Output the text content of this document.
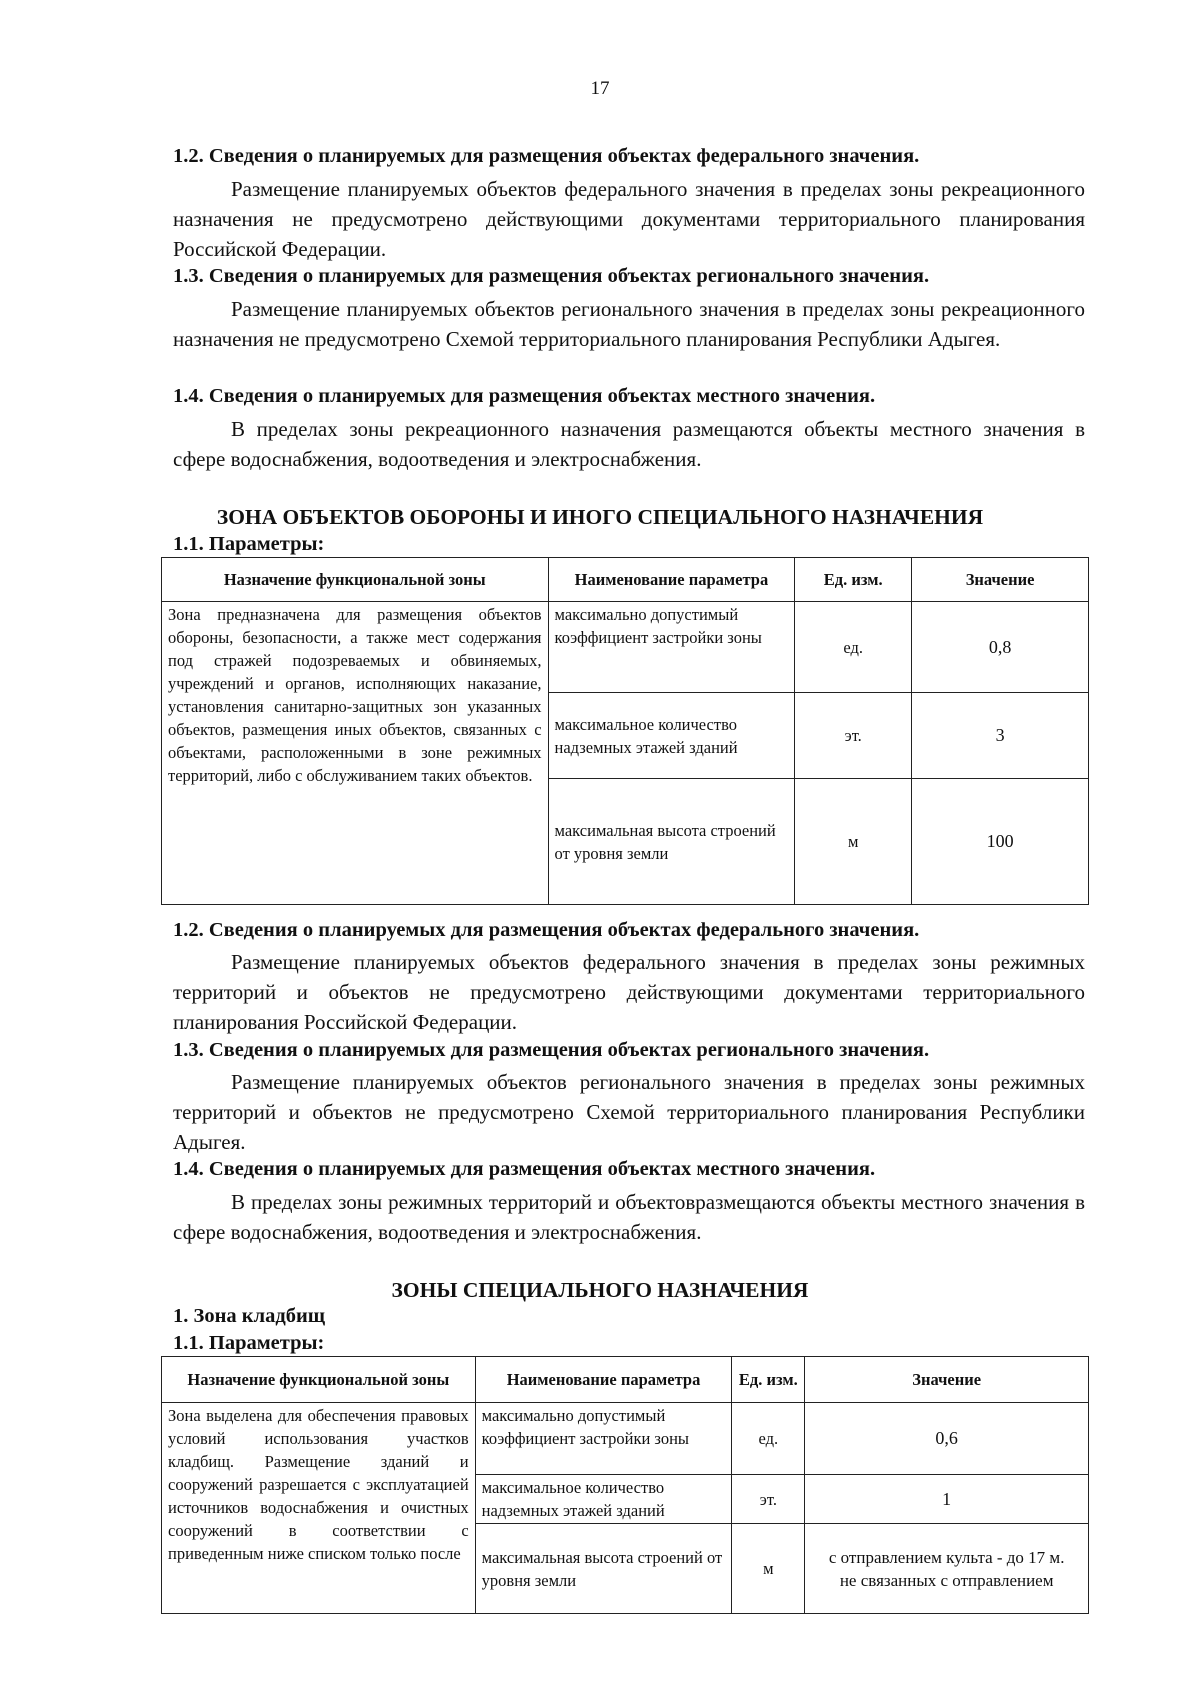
17
1.2. Сведения о планируемых для размещения объектах федерального значения.
Размещение планируемых объектов федерального значения в пределах зоны рекреационного назначения не предусмотрено действующими документами территориального планирования Российской Федерации.
1.3. Сведения о планируемых для размещения объектах регионального значения.
Размещение планируемых объектов регионального значения в пределах зоны рекреационного назначения не предусмотрено Схемой территориального планирования Республики Адыгея.
1.4. Сведения о планируемых для размещения объектах местного значения.
В пределах зоны рекреационного назначения размещаются объекты местного значения в сфере водоснабжения, водоотведения и электроснабжения.
ЗОНА ОБЪЕКТОВ ОБОРОНЫ И ИНОГО СПЕЦИАЛЬНОГО НАЗНАЧЕНИЯ
1.1. Параметры:
Назначение функциональной зоны	Наименование параметра	Ед. изм.	Значение
Зона предназначена для размещения объектов обороны, безопасности, а также мест содержания под стражей подозреваемых и обвиняемых, учреждений и органов, исполняющих наказание, установления санитарно-защитных зон указанных объектов, размещения иных объектов, связанных с объектами, расположенными в зоне режимных территорий, либо с обслуживанием таких объектов.	максимально допустимый коэффициент застройки зоны	ед.	0,8
	максимальное количество надземных этажей зданий	эт.	3
	максимальная высота строений от уровня земли	м	100
1.2. Сведения о планируемых для размещения объектах федерального значения.
Размещение планируемых объектов федерального значения в пределах зоны режимных территорий и объектов не предусмотрено действующими документами территориального планирования Российской Федерации.
1.3. Сведения о планируемых для размещения объектах регионального значения.
Размещение планируемых объектов регионального значения в пределах зоны режимных территорий и объектов не предусмотрено Схемой территориального планирования Республики Адыгея.
1.4. Сведения о планируемых для размещения объектах местного значения.
В пределах зоны режимных территорий и объектовразмещаются объекты местного значения в сфере водоснабжения, водоотведения и электроснабжения.
ЗОНЫ СПЕЦИАЛЬНОГО НАЗНАЧЕНИЯ
1. Зона кладбищ
1.1. Параметры:
Назначение функциональной зоны	Наименование параметра	Ед. изм.	Значение
Зона выделена для обеспечения правовых условий использования участков кладбищ. Размещение зданий и сооружений разрешается с эксплуатацией источников водоснабжения и очистных сооружений в соответствии с приведенным ниже списком только после	максимально допустимый коэффициент застройки зоны	ед.	0,6
	максимальное количество надземных этажей зданий	эт.	1
	максимальная высота строений от уровня земли	м	с отправлением культа - до 17 м.
не связанных с отправлением
